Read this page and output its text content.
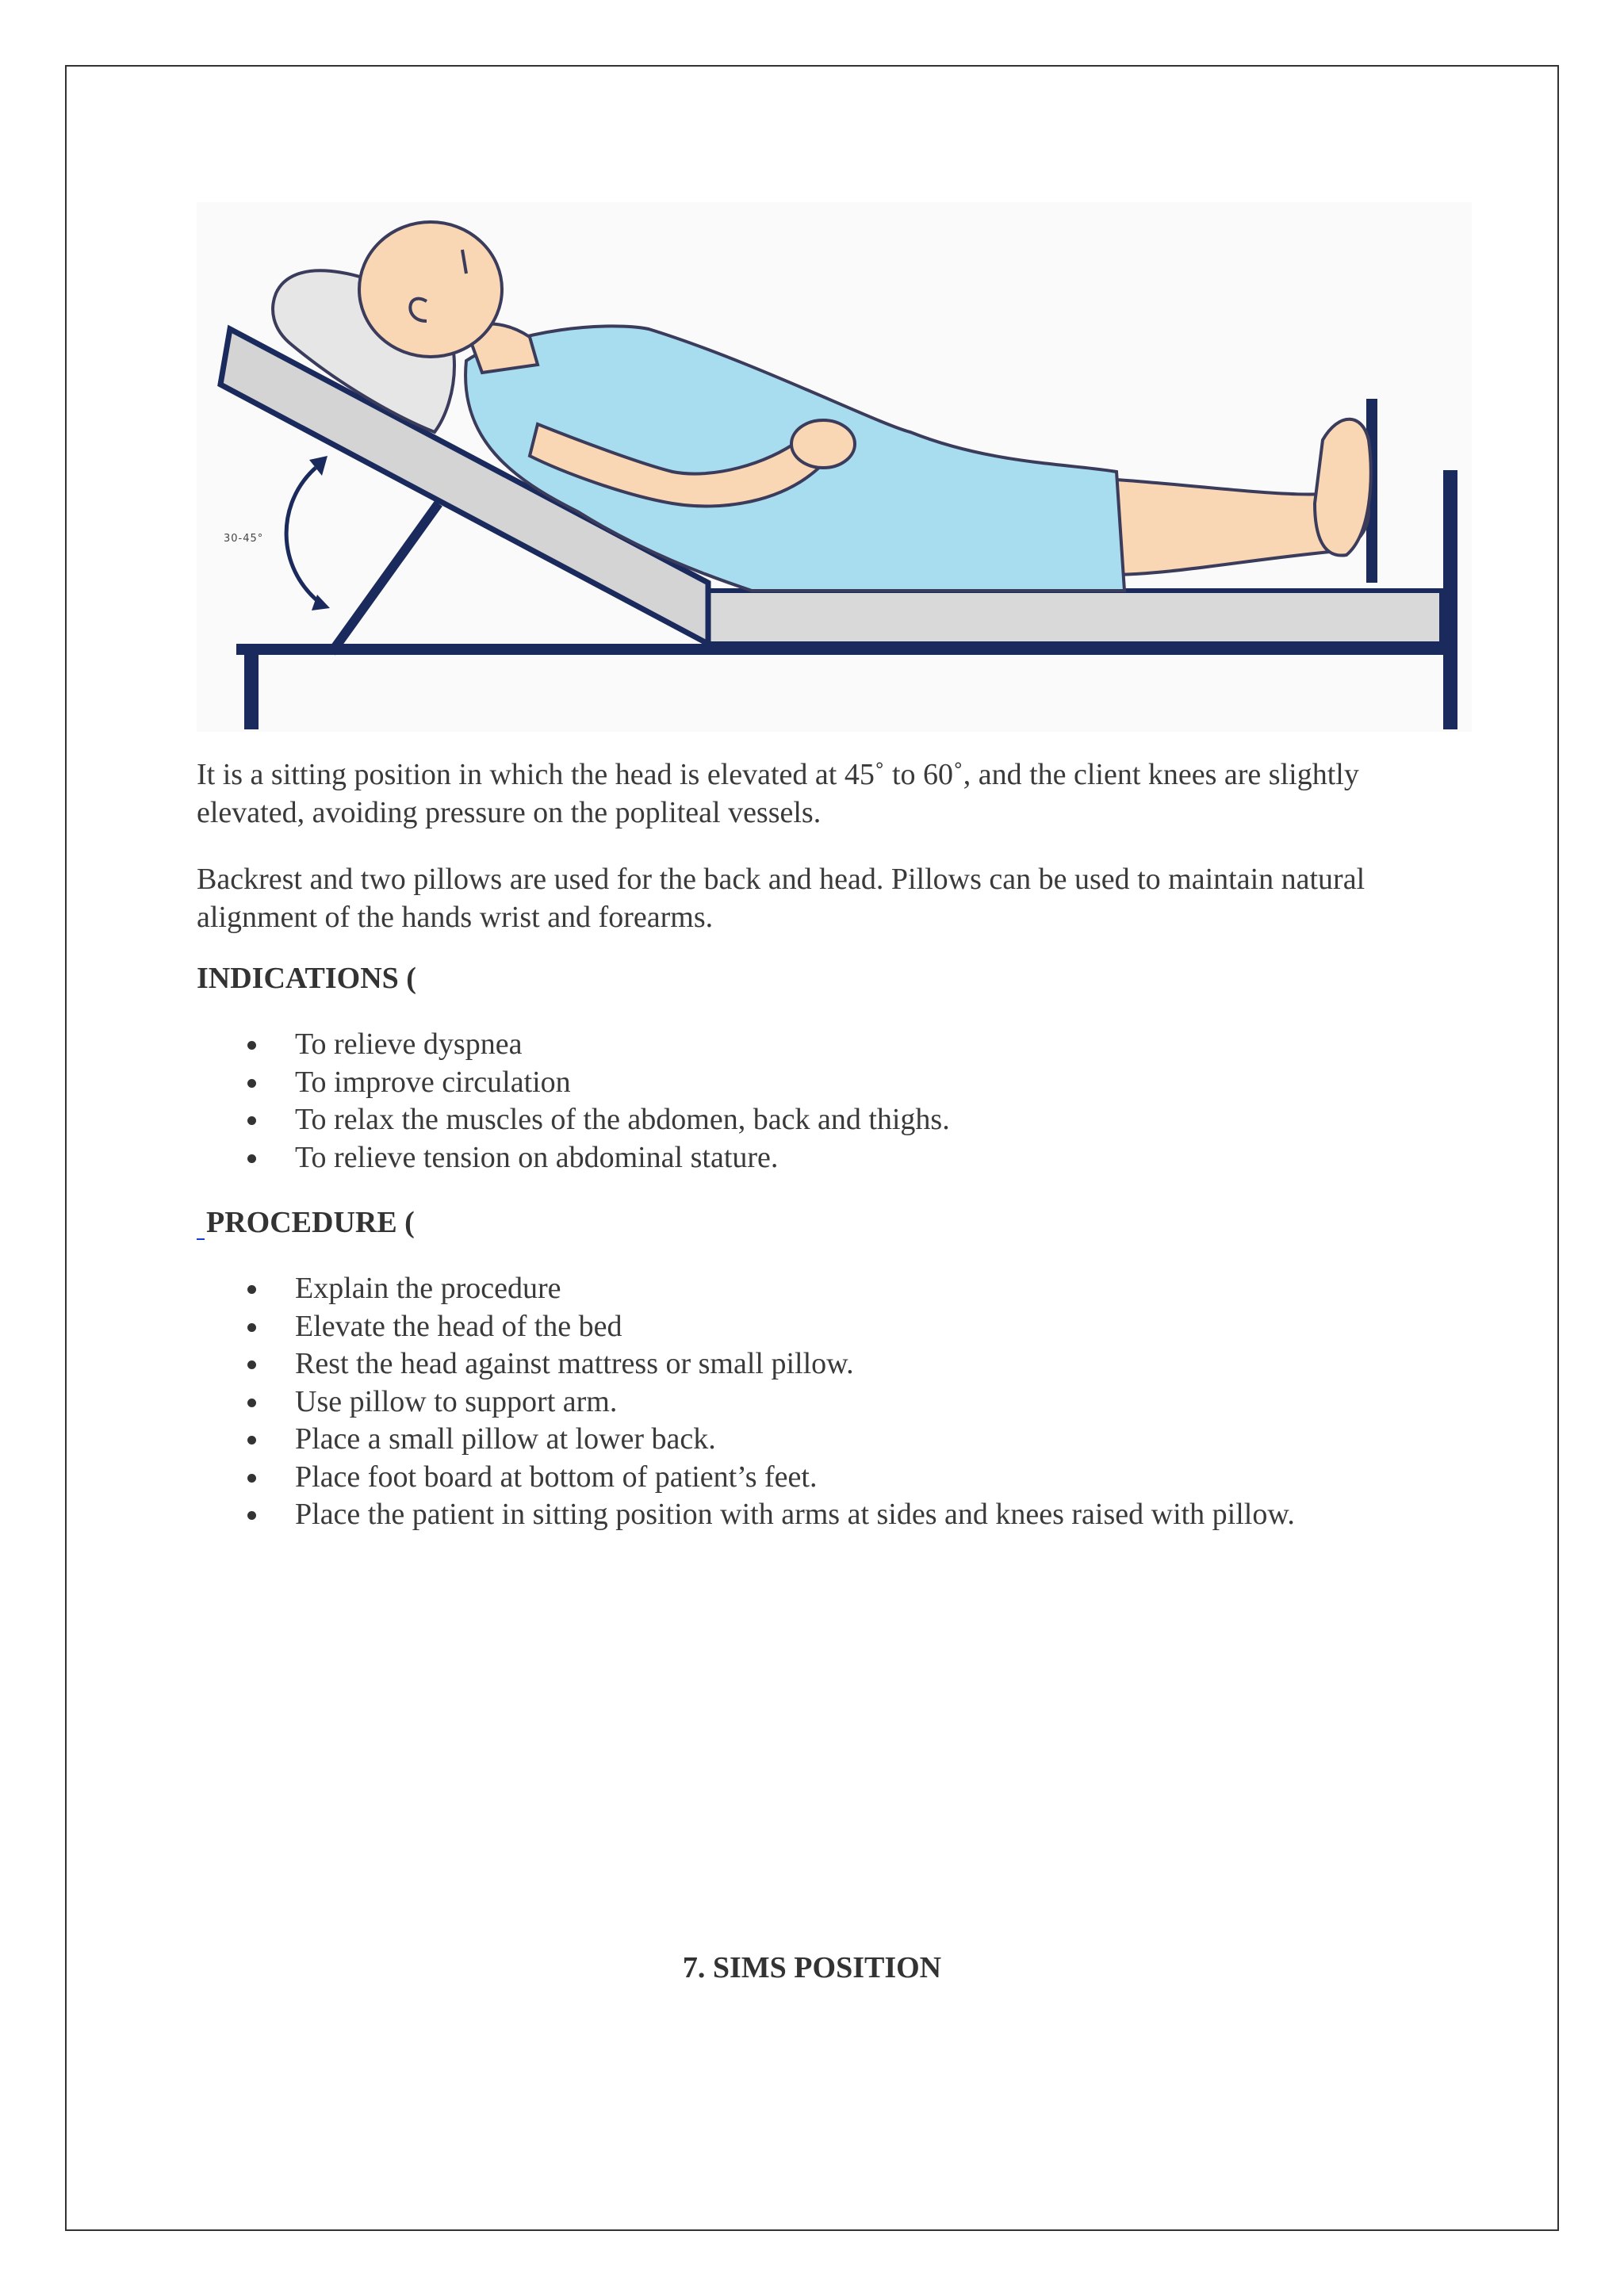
30-45°
It is a sitting position in which the head is elevated at 45˚ to 60˚, and the client knees are slightly elevated, avoiding pressure on the popliteal vessels.
Backrest and two pillows are used for the back and head. Pillows can be used to maintain natural alignment of the hands wrist and forearms.
INDICATIONS (
To relieve dyspnea
To improve circulation
To relax the muscles of the abdomen, back and thighs.
To relieve tension on abdominal stature.
PROCEDURE (
Explain the procedure
Elevate the head of the bed
Rest the head against mattress or small pillow.
Use pillow to support arm.
Place a small pillow at lower back.
Place foot board at bottom of patient’s feet.
Place the patient in sitting position with arms at sides and knees raised with pillow.
7. SIMS POSITION
